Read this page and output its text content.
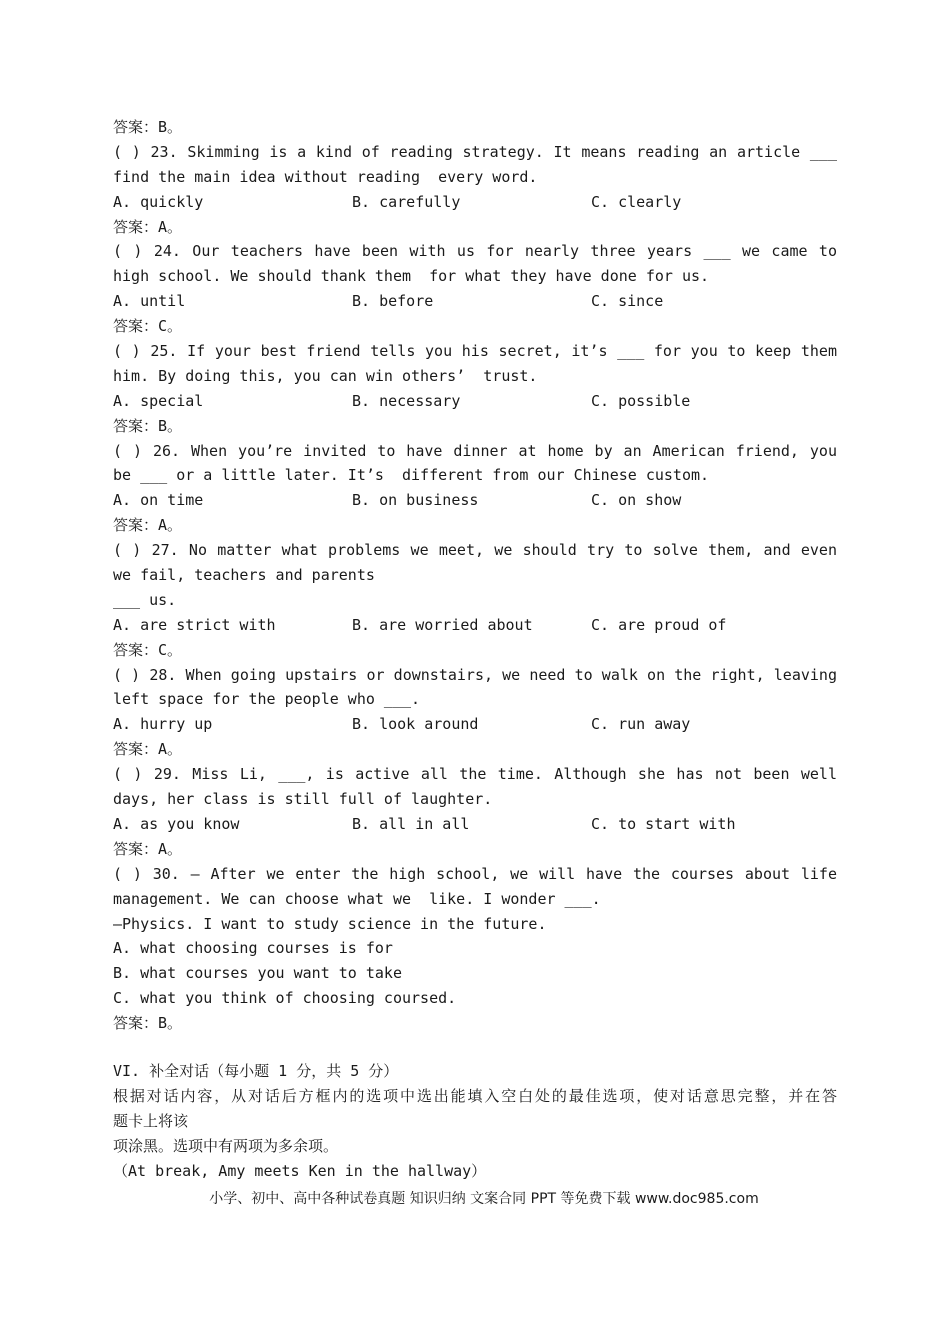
答案：B。
( ) 23. Skimming is a kind of reading strategy. It means reading an article ___
find the main idea without reading  every word.
A. quickly	B. carefully	C. clearly
答案：A。
( ) 24. Our teachers have been with us for nearly three years ___ we came to
high school. We should thank them  for what they have done for us.
A. until	B. before	C. since
答案：C。
( ) 25. If your best friend tells you his secret, it’s ___ for you to keep them
him. By doing this, you can win others’  trust.
A. special	B. necessary	C. possible
答案：B。
( ) 26. When you’re invited to have dinner at home by an American friend, you
be ___ or a little later. It’s  different from our Chinese custom.
A. on time	B. on business	C. on show
答案：A。
( ) 27. No matter what problems we meet, we should try to solve them, and even
we fail, teachers and parents
___ us.
A. are strict with	B. are worried about	C. are proud of
答案：C。
( ) 28. When going upstairs or downstairs, we need to walk on the right, leaving
left space for the people who ___.
A. hurry up	B. look around	C. run away
答案：A。
( ) 29. Miss Li, ___, is active all the time. Although she has not been well
days, her class is still full of laughter.
A. as you know	B. all in all	C. to start with
答案：A。
( ) 30. — After we enter the high school, we will have the courses about life
management. We can choose what we  like. I wonder ___.
—Physics. I want to study science in the future.
A. what choosing courses is for
B. what courses you want to take
C. what you think of choosing coursed.
答案：B。
VI. 补全对话（每小题 1 分，共 5 分）
根据对话内容，从对话后方框内的选项中选出能填入空白处的最佳选项，使对话意思完整，并在答
题卡上将该
项涂黑。选项中有两项为多余项。
（At break, Amy meets Ken in the hallway）
小学、初中、高中各种试卷真题 知识归纳 文案合同 PPT 等免费下载 www.doc985.com
